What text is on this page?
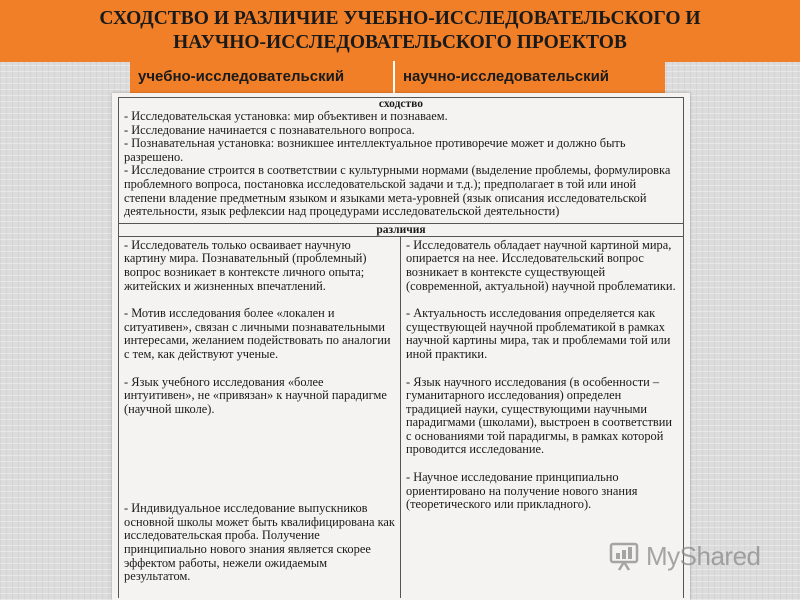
СХОДСТВО И РАЗЛИЧИЕ УЧЕБНО-ИССЛЕДОВАТЕЛЬСКОГО И
НАУЧНО-ИССЛЕДОВАТЕЛЬСКОГО ПРОЕКТОВ
учебно-исследовательский	научно-исследовательский
сходство
- Исследовательская установка: мир объективен и познаваем.
- Исследование начинается с познавательного вопроса.
- Познавательная установка: возникшее интеллектуальное противоречие может и должно быть разрешено.
- Исследование строится в соответствии с культурными нормами (выделение проблемы, формулировка проблемного вопроса, постановка исследовательской задачи и т.д.); предполагает в той или иной степени владение предметным языком и языками мета-уровней (язык описания исследовательской деятельности, язык рефлексии над процедурами исследовательской деятельности)
различия
- Исследователь только осваивает научную картину мира. Познавательный (проблемный) вопрос возникает в контексте личного опыта; житейских и жизненных впечатлений.
- Мотив исследования более «локален и ситуативен», связан с личными познавательными интересами, желанием подействовать по аналогии с тем, как действуют ученые.
- Язык учебного исследования «более интуитивен», не «привязан» к научной парадигме (научной школе).
- Индивидуальное исследование выпускников основной школы может быть квалифицирована как исследовательская проба. Получение принципиально нового знания является скорее эффектом работы, нежели ожидаемым результатом.
- Исследователь обладает научной картиной мира, опирается на нее. Исследовательский вопрос возникает в контексте существующей (современной, актуальной) научной проблематики.
- Актуальность исследования определяется как существующей научной проблематикой в рамках научной картины мира, так и проблемами той или иной практики.
- Язык научного исследования (в особенности – гуманитарного исследования) определен традицией науки, существующими научными парадигмами (школами), выстроен в соответствии с основаниями той парадигмы, в рамках которой проводится исследование.
- Научное исследование принципиально ориентировано на получение нового знания (теоретического или прикладного).
MyShared
